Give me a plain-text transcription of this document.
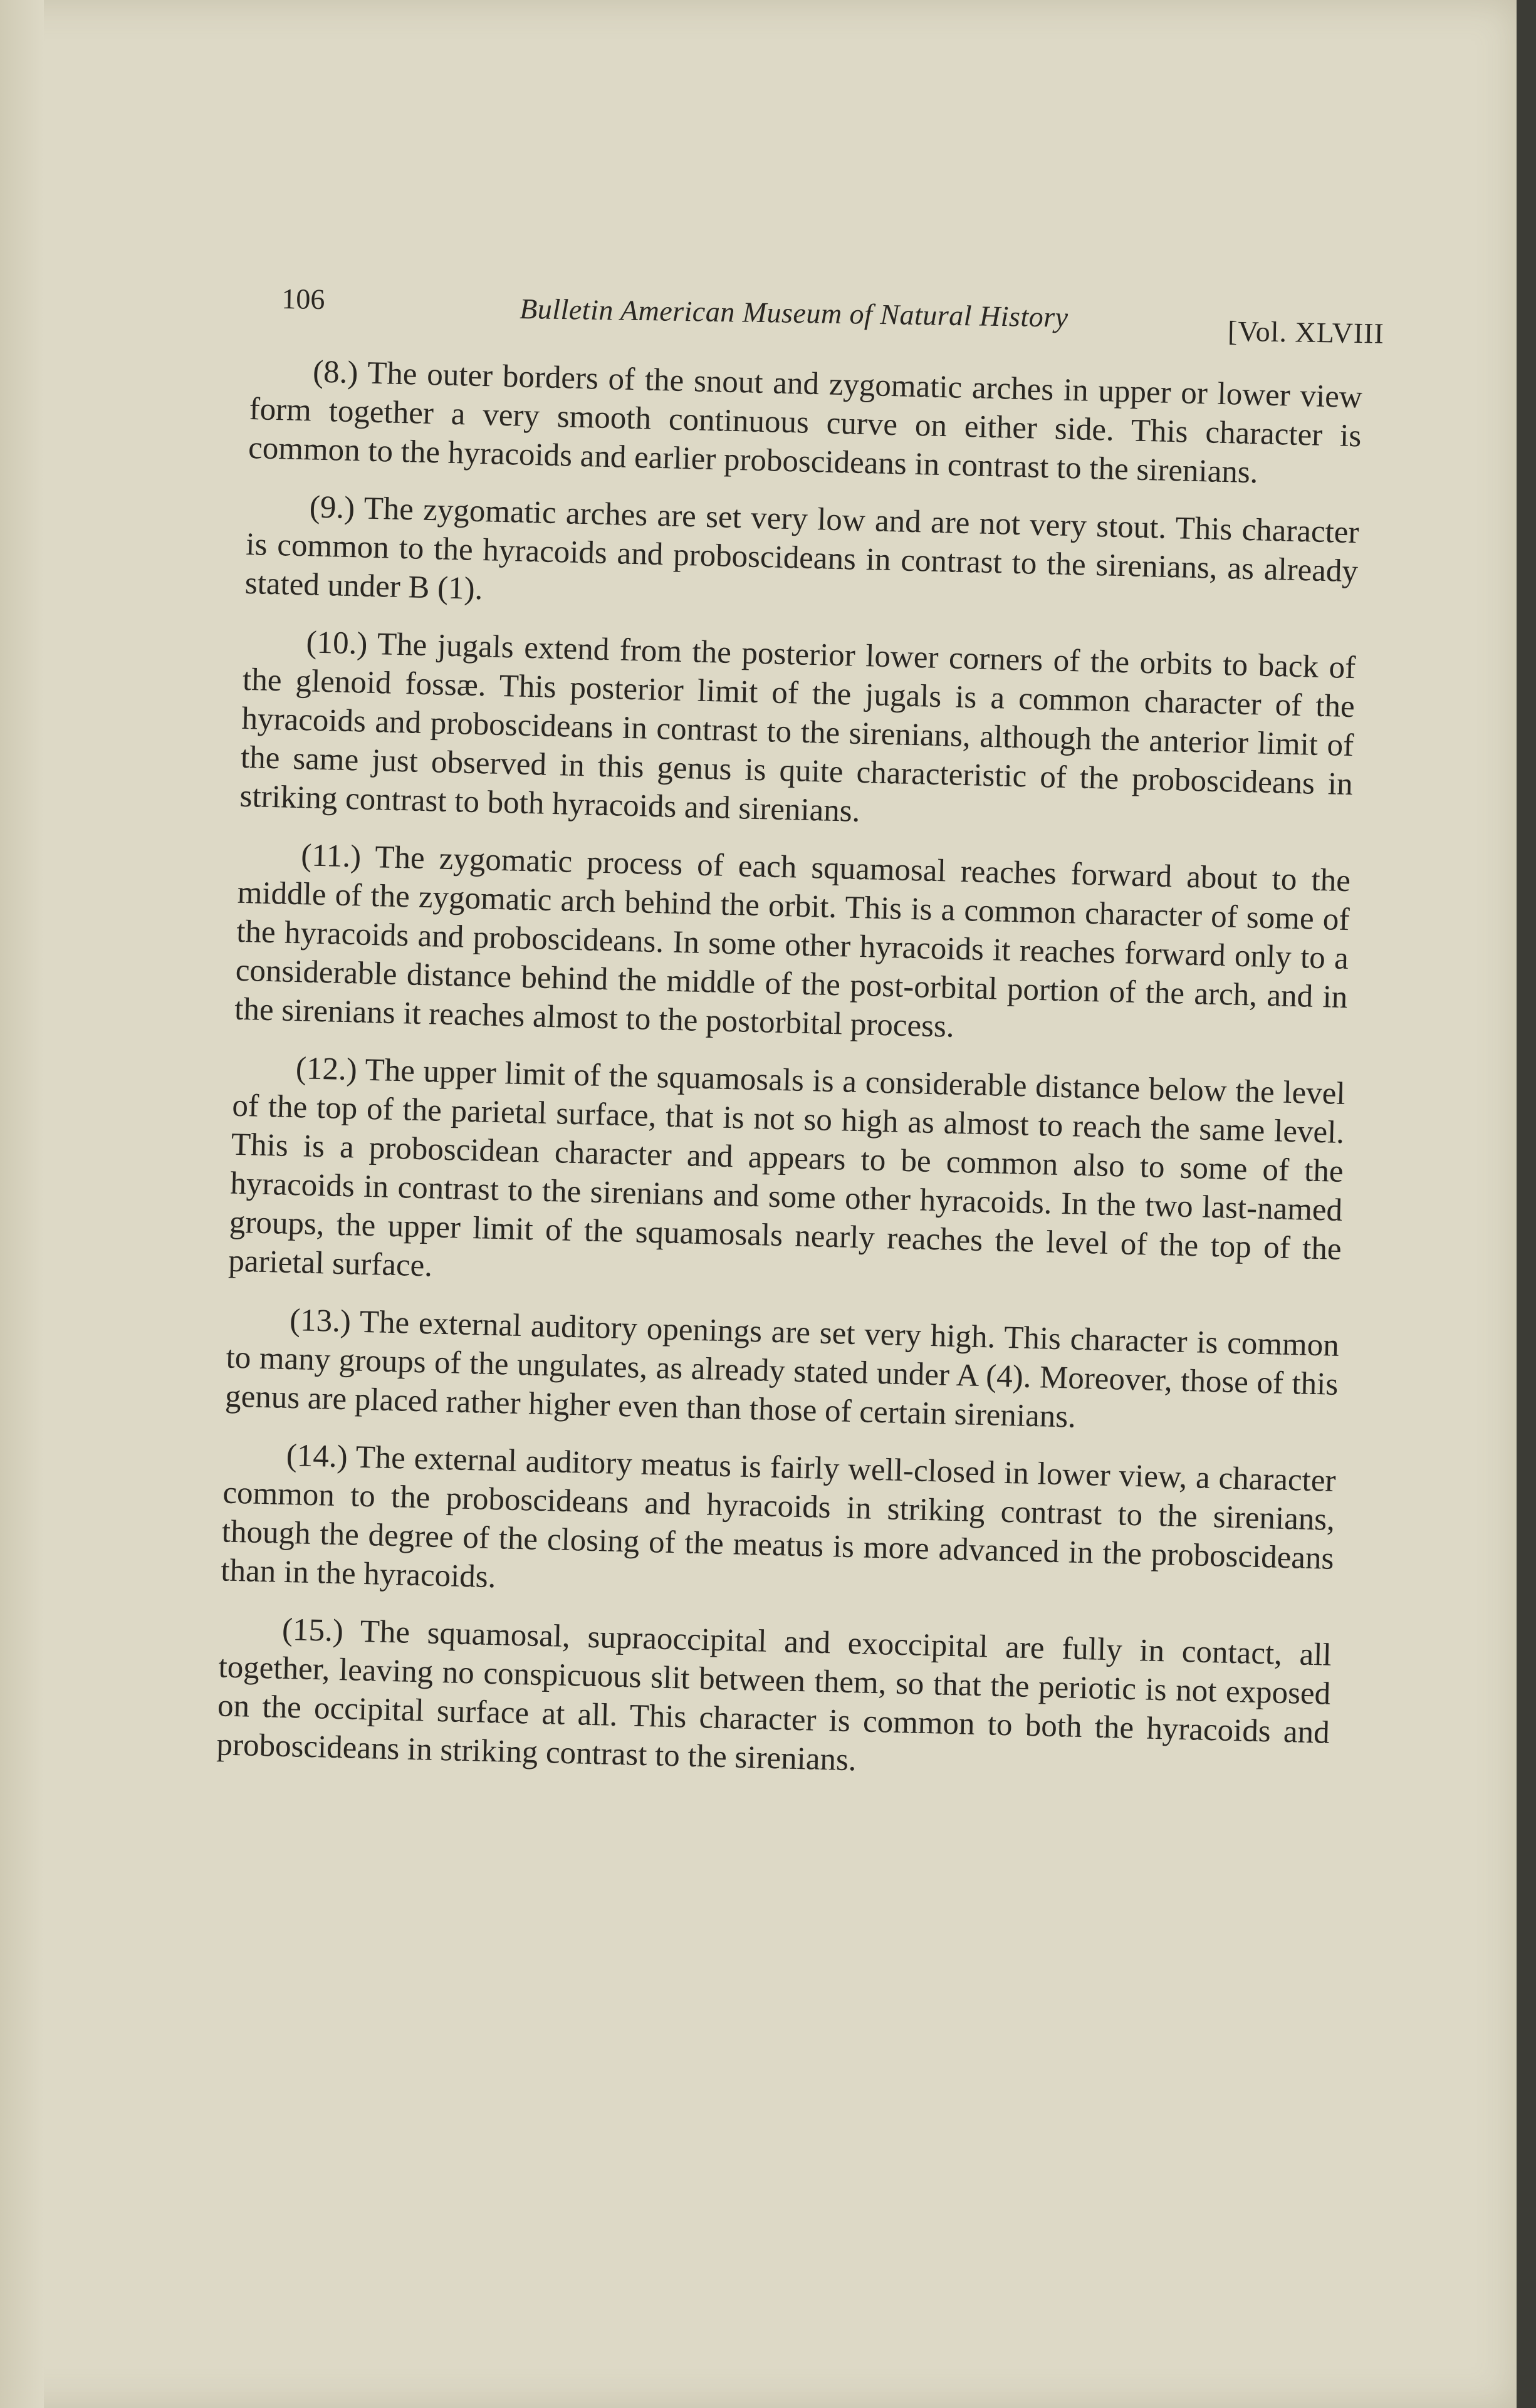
106	Bulletin American Museum of Natural History	[Vol. XLVIII

(8.) The outer borders of the snout and zygomatic arches in upper or lower view form together a very smooth continuous curve on either side. This character is common to the hyracoids and earlier proboscideans in contrast to the sirenians.

(9.) The zygomatic arches are set very low and are not very stout. This character is common to the hyracoids and proboscideans in contrast to the sirenians, as already stated under B (1).

(10.) The jugals extend from the posterior lower corners of the orbits to back of the glenoid fossæ. This posterior limit of the jugals is a common character of the hyracoids and proboscideans in contrast to the sirenians, although the anterior limit of the same just observed in this genus is quite characteristic of the proboscideans in striking contrast to both hyracoids and sirenians.

(11.) The zygomatic process of each squamosal reaches forward about to the middle of the zygomatic arch behind the orbit. This is a common character of some of the hyracoids and proboscideans. In some other hyracoids it reaches forward only to a considerable distance behind the middle of the post-orbital portion of the arch, and in the sirenians it reaches almost to the postorbital process.

(12.) The upper limit of the squamosals is a considerable distance below the level of the top of the parietal surface, that is not so high as almost to reach the same level. This is a proboscidean character and appears to be common also to some of the hyracoids in contrast to the sirenians and some other hyracoids. In the two last-named groups, the upper limit of the squamosals nearly reaches the level of the top of the parietal surface.

(13.) The external auditory openings are set very high. This character is common to many groups of the ungulates, as already stated under A (4). Moreover, those of this genus are placed rather higher even than those of certain sirenians.

(14.) The external auditory meatus is fairly well-closed in lower view, a character common to the proboscideans and hyracoids in striking contrast to the sirenians, though the degree of the closing of the meatus is more advanced in the proboscideans than in the hyracoids.

(15.) The squamosal, supraoccipital and exoccipital are fully in contact, all together, leaving no conspicuous slit between them, so that the periotic is not exposed on the occipital surface at all. This character is common to both the hyracoids and proboscideans in striking contrast to the sirenians.
